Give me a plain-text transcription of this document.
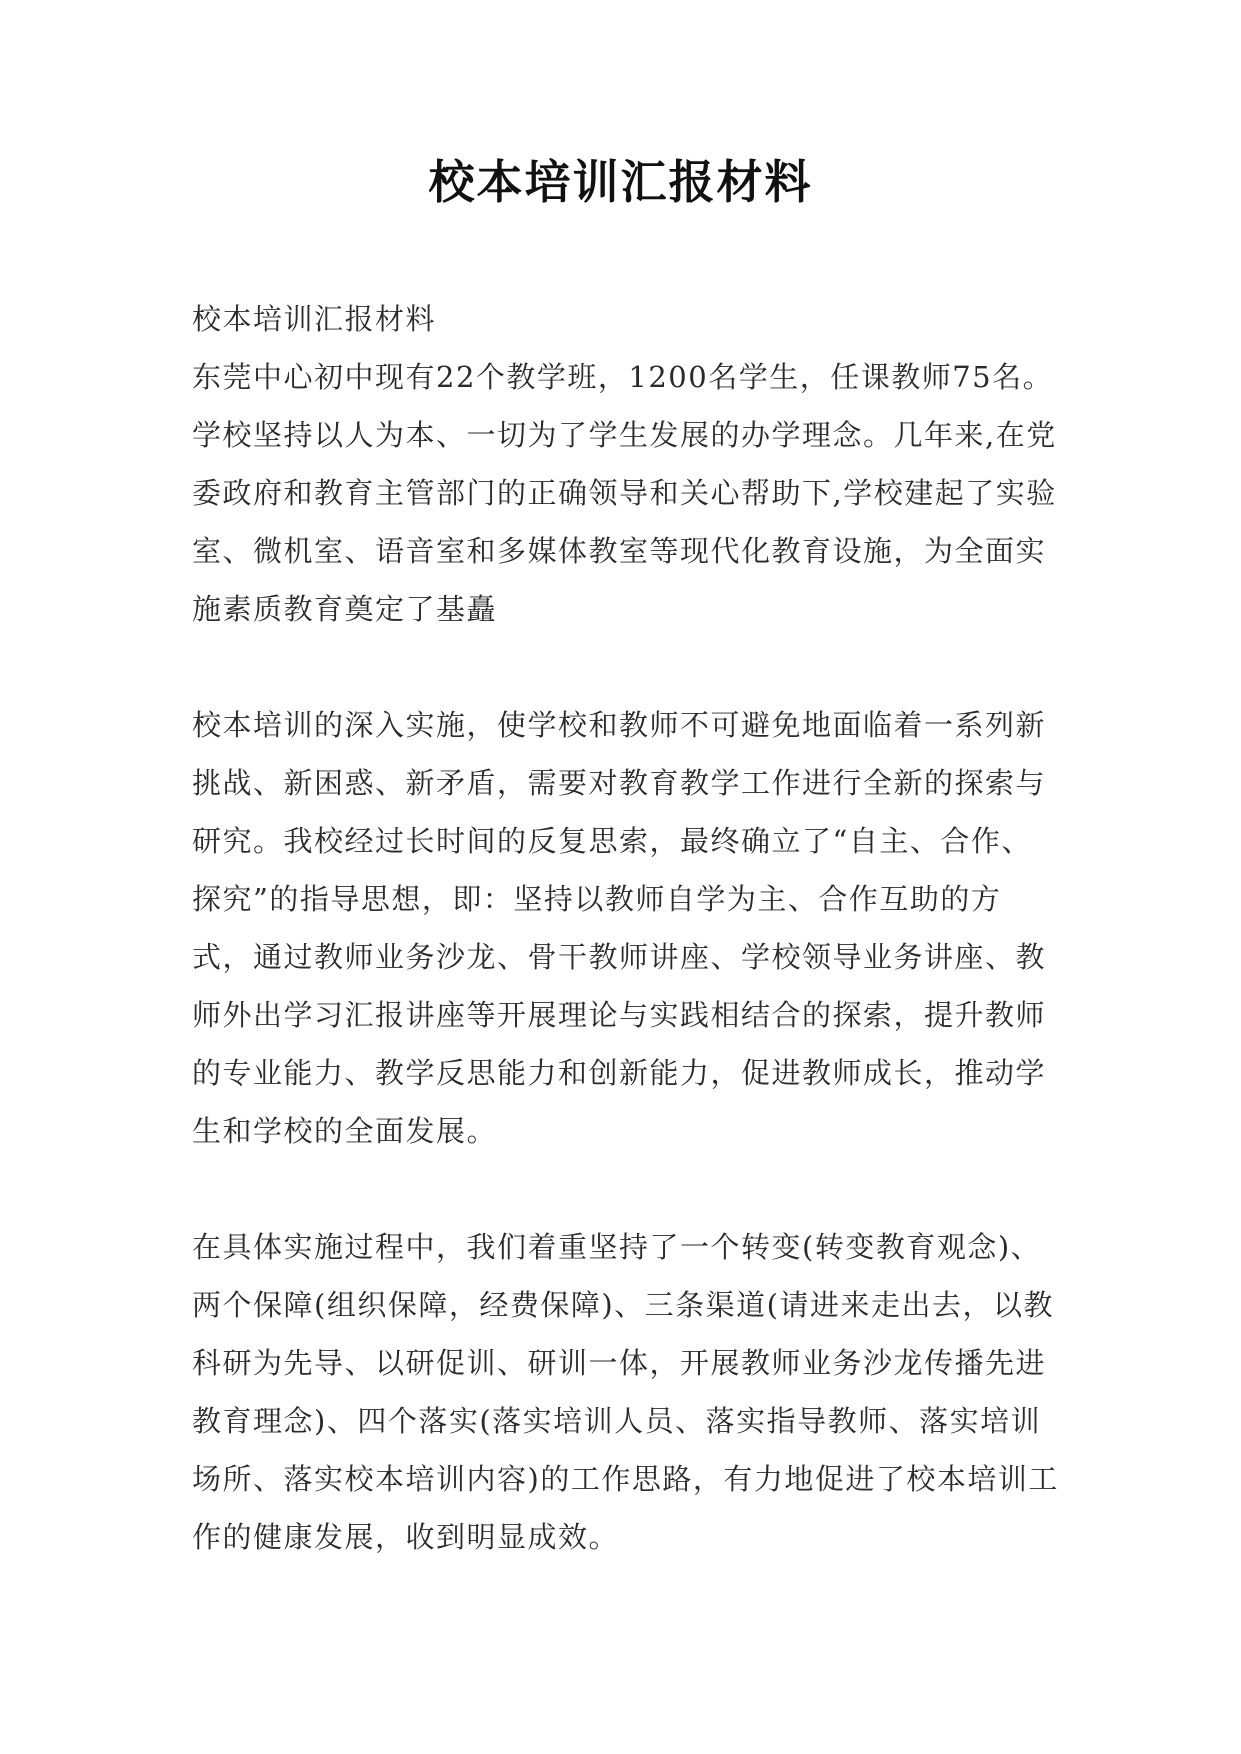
校本培训汇报材料

校本培训汇报材料

东莞中心初中现有22个教学班，1200名学生，任课教师75名。学校坚持以人为本、一切为了学生发展的办学理念。几年来,在党委政府和教育主管部门的正确领导和关心帮助下,学校建起了实验室、微机室、语音室和多媒体教室等现代化教育设施，为全面实施素质教育奠定了基矗

校本培训的深入实施，使学校和教师不可避免地面临着一系列新挑战、新困惑、新矛盾，需要对教育教学工作进行全新的探索与研究。我校经过长时间的反复思索，最终确立了“自主、合作、探究”的指导思想，即：坚持以教师自学为主、合作互助的方式，通过教师业务沙龙、骨干教师讲座、学校领导业务讲座、教师外出学习汇报讲座等开展理论与实践相结合的探索，提升教师的专业能力、教学反思能力和创新能力，促进教师成长，推动学生和学校的全面发展。

在具体实施过程中，我们着重坚持了一个转变(转变教育观念)、两个保障(组织保障，经费保障)、三条渠道(请进来走出去，以教科研为先导、以研促训、研训一体，开展教师业务沙龙传播先进教育理念)、四个落实(落实培训人员、落实指导教师、落实培训场所、落实校本培训内容)的工作思路，有力地促进了校本培训工作的健康发展，收到明显成效。
